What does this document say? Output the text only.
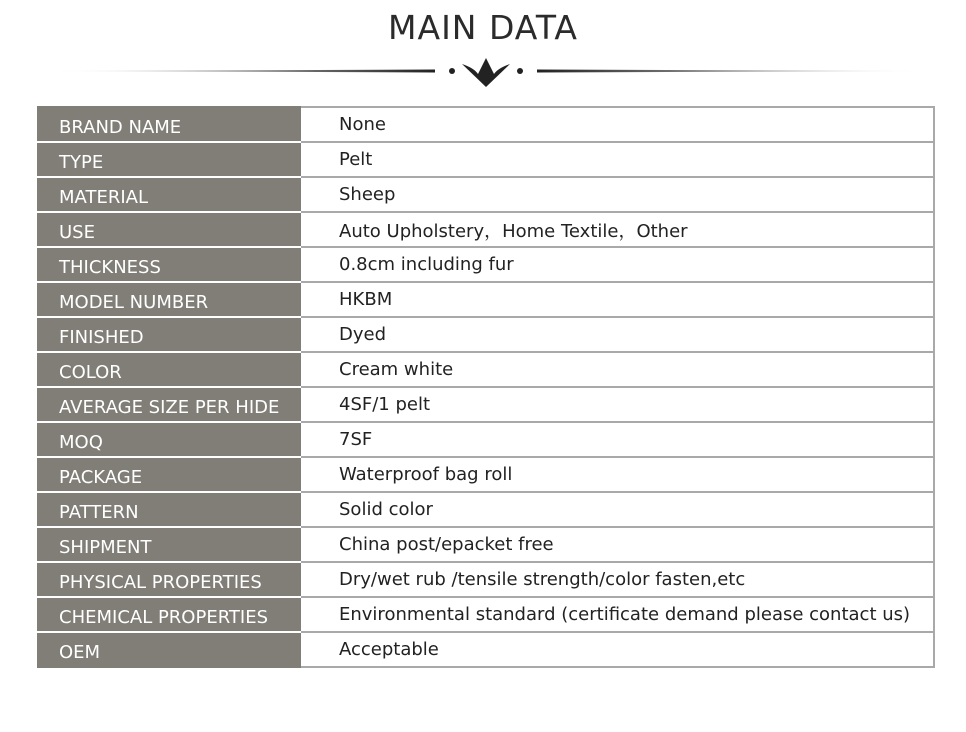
MAIN DATA
BRAND NAME	None
TYPE	Pelt
MATERIAL	Sheep
USE	Auto Upholstery，Home Textile，Other
THICKNESS	0.8cm including fur
MODEL NUMBER	HKBM
FINISHED	Dyed
COLOR	Cream white
AVERAGE SIZE PER HIDE	4SF/1 pelt
MOQ	7SF
PACKAGE	Waterproof bag roll
PATTERN	Solid color
SHIPMENT	China post/epacket free
PHYSICAL PROPERTIES	Dry/wet rub /tensile strength/color fasten,etc
CHEMICAL PROPERTIES	Environmental standard (certificate demand please contact us)
OEM	Acceptable
